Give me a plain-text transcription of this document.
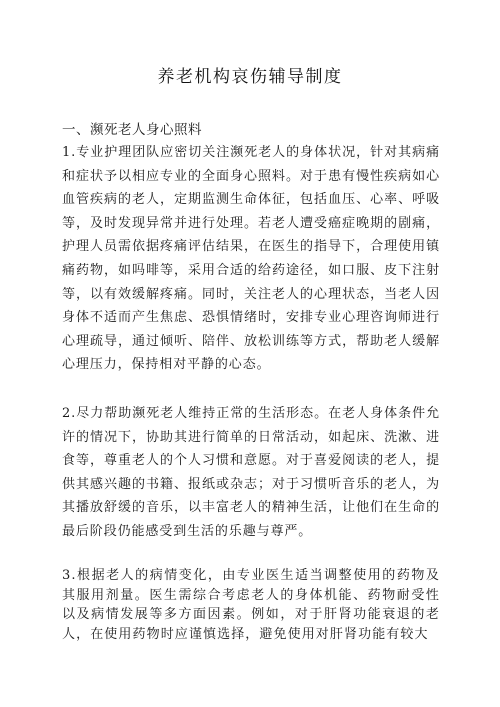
养老机构哀伤辅导制度
一、濒死老人身心照料
1.专业护理团队应密切关注濒死老人的身体状况，针对其病痛和症状予以相应专业的全面身心照料。对于患有慢性疾病如心血管疾病的老人，定期监测生命体征，包括血压、心率、呼吸等，及时发现异常并进行处理。若老人遭受癌症晚期的剧痛，护理人员需依据疼痛评估结果，在医生的指导下，合理使用镇痛药物，如吗啡等，采用合适的给药途径，如口服、皮下注射等，以有效缓解疼痛。同时，关注老人的心理状态，当老人因身体不适而产生焦虑、恐惧情绪时，安排专业心理咨询师进行心理疏导，通过倾听、陪伴、放松训练等方式，帮助老人缓解心理压力，保持相对平静的心态。
2.尽力帮助濒死老人维持正常的生活形态。在老人身体条件允许的情况下，协助其进行简单的日常活动，如起床、洗漱、进食等，尊重老人的个人习惯和意愿。对于喜爱阅读的老人，提供其感兴趣的书籍、报纸或杂志；对于习惯听音乐的老人，为其播放舒缓的音乐，以丰富老人的精神生活，让他们在生命的最后阶段仍能感受到生活的乐趣与尊严。
3.根据老人的病情变化，由专业医生适当调整使用的药物及其服用剂量。医生需综合考虑老人的身体机能、药物耐受性以及病情发展等多方面因素。例如，对于肝肾功能衰退的老人，在使用药物时应谨慎选择，避免使用对肝肾功能有较大
